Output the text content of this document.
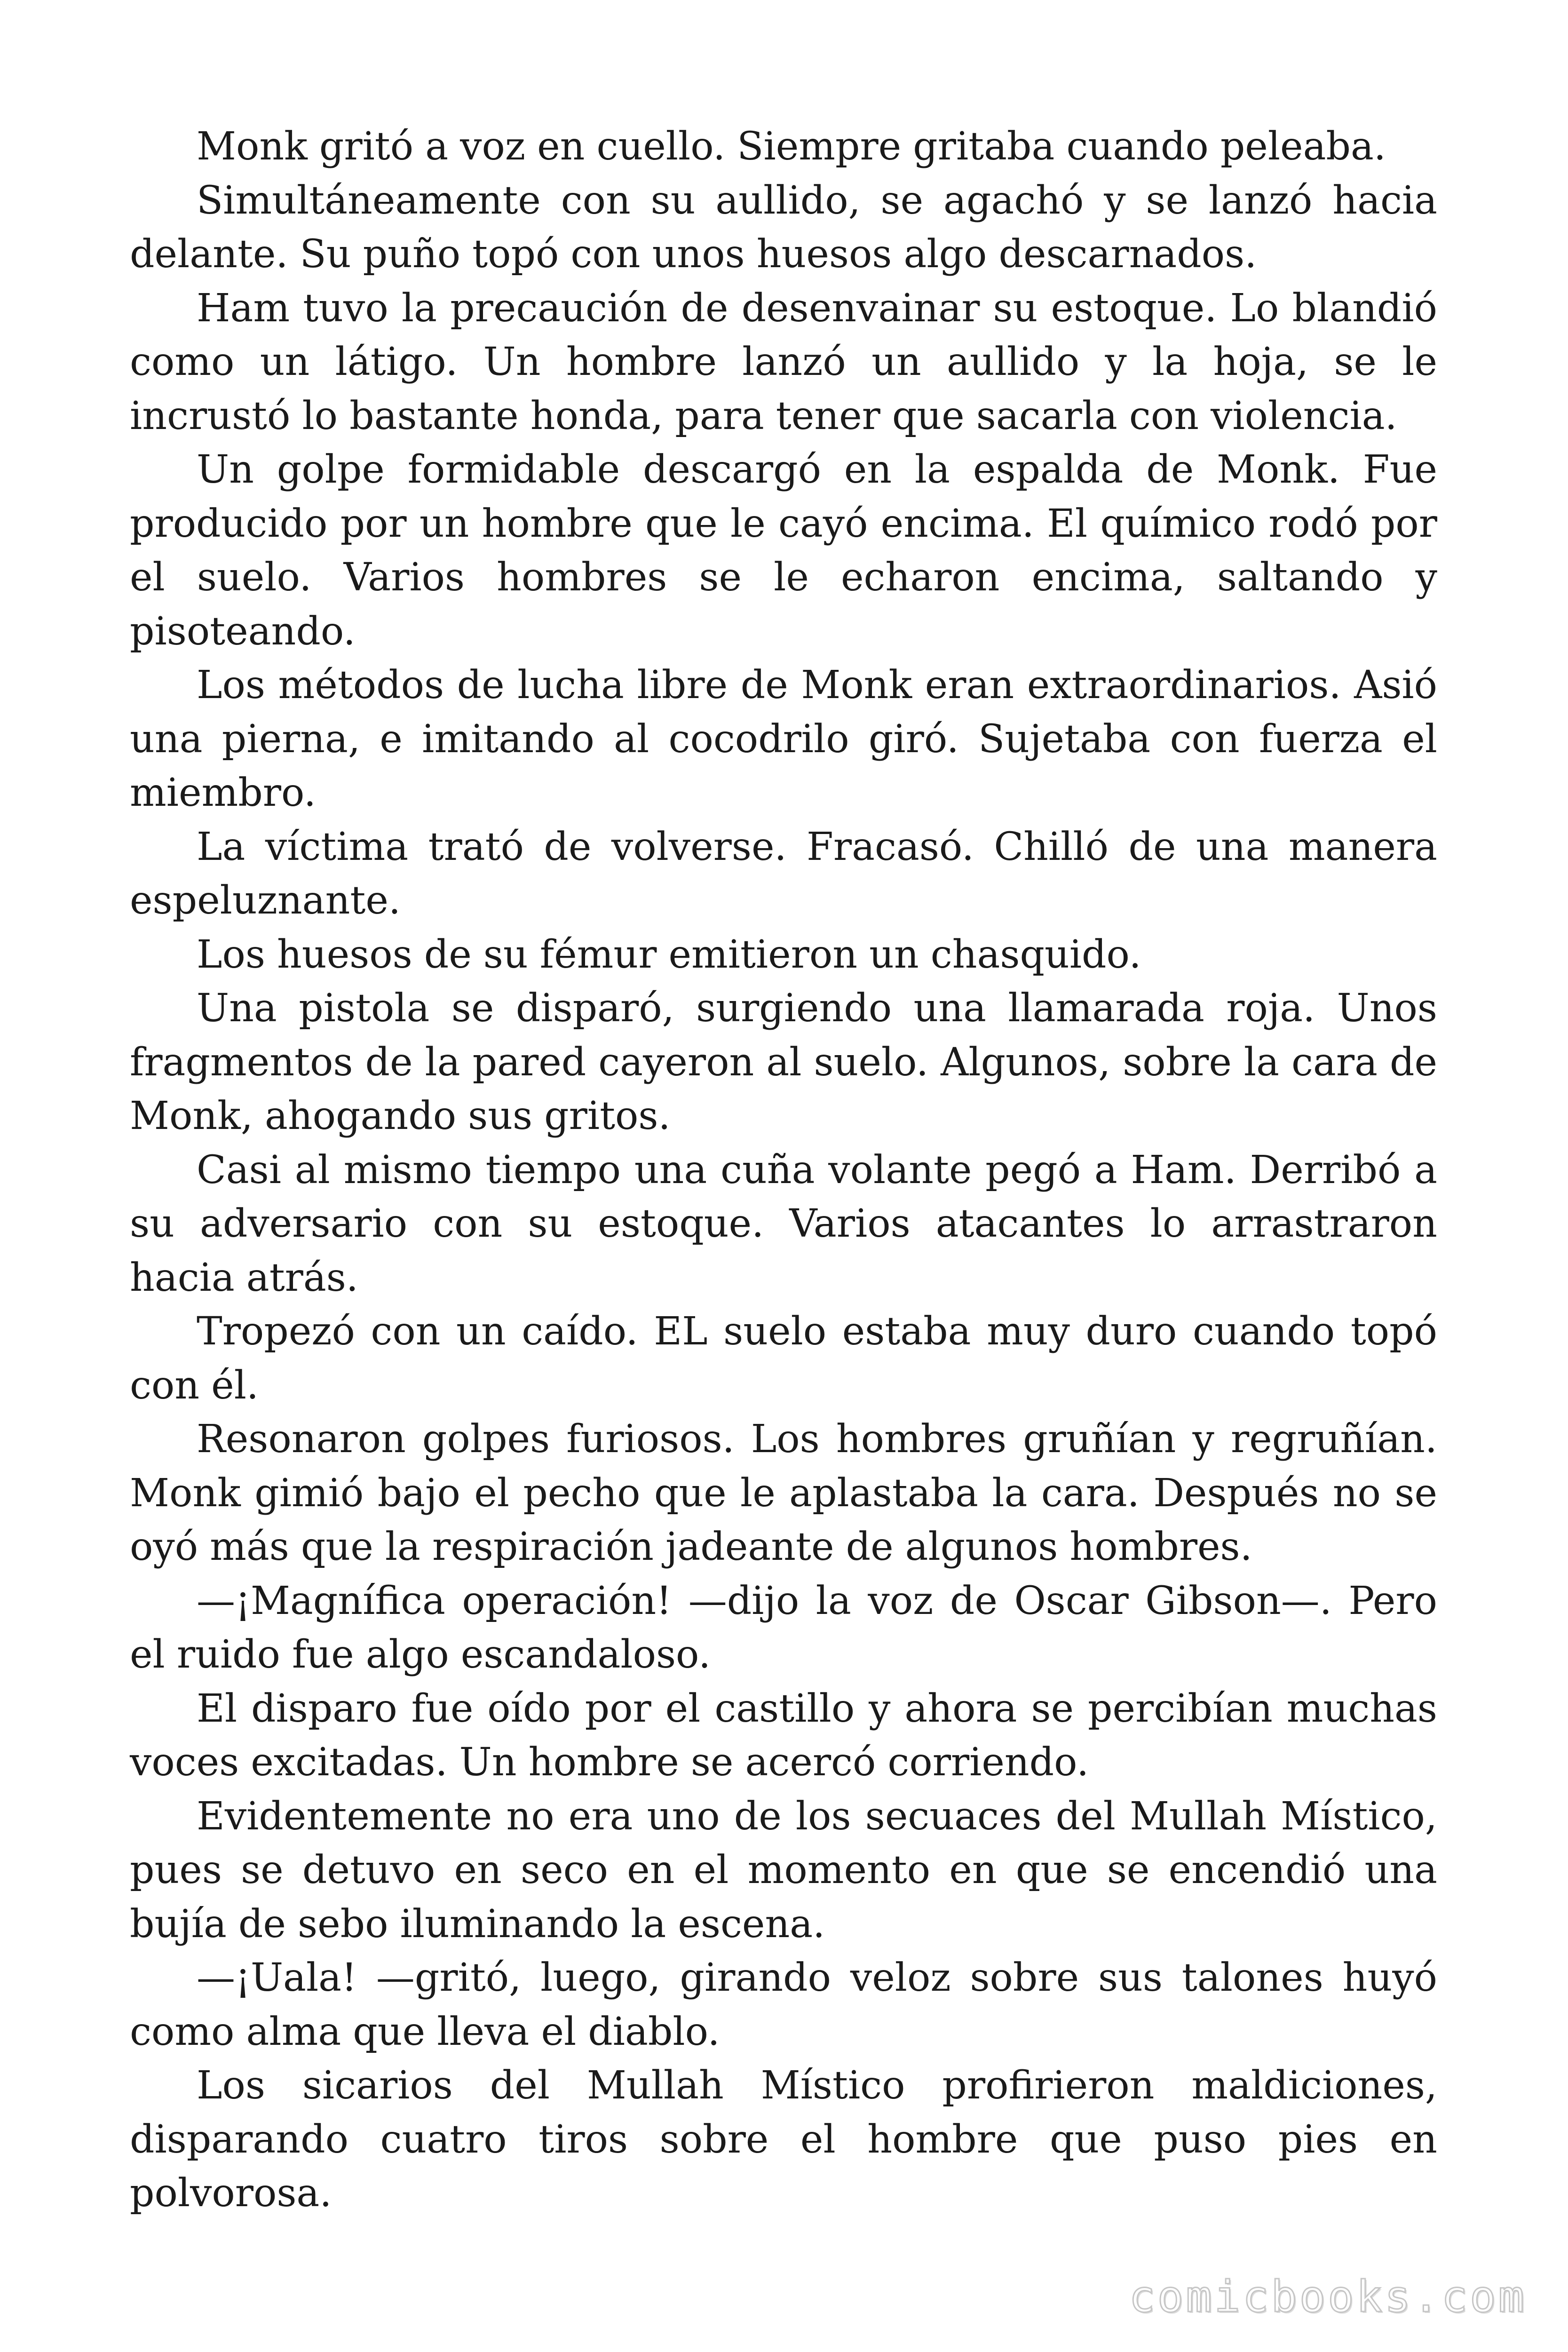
Monk gritó a voz en cuello. Siempre gritaba cuando peleaba.

Simultáneamente con su aullido, se agachó y se lanzó hacia delante. Su puño topó con unos huesos algo descarnados.

Ham tuvo la precaución de desenvainar su estoque. Lo blandió como un látigo. Un hombre lanzó un aullido y la hoja, se le incrustó lo bastante honda, para tener que sacarla con violencia.

Un golpe formidable descargó en la espalda de Monk. Fue producido por un hombre que le cayó encima. El químico rodó por el suelo. Varios hombres se le echaron encima, saltando y pisoteando.

Los métodos de lucha libre de Monk eran extraordinarios. Asió una pierna, e imitando al cocodrilo giró. Sujetaba con fuerza el miembro.

La víctima trató de volverse. Fracasó. Chilló de una manera espeluznante.

Los huesos de su fémur emitieron un chasquido.

Una pistola se disparó, surgiendo una llamarada roja. Unos fragmentos de la pared cayeron al suelo. Algunos, sobre la cara de Monk, ahogando sus gritos.

Casi al mismo tiempo una cuña volante pegó a Ham. Derribó a su adversario con su estoque. Varios atacantes lo arrastraron hacia atrás.

Tropezó con un caído. EL suelo estaba muy duro cuando topó con él.

Resonaron golpes furiosos. Los hombres gruñían y regruñían. Monk gimió bajo el pecho que le aplastaba la cara. Después no se oyó más que la respiración jadeante de algunos hombres.

—¡Magnífica operación! —dijo la voz de Oscar Gibson—. Pero el ruido fue algo escandaloso.

El disparo fue oído por el castillo y ahora se percibían muchas voces excitadas. Un hombre se acercó corriendo.

Evidentemente no era uno de los secuaces del Mullah Místico, pues se detuvo en seco en el momento en que se encendió una bujía de sebo iluminando la escena.

—¡Uala! —gritó, luego, girando veloz sobre sus talones huyó como alma que lleva el diablo.

Los sicarios del Mullah Místico profirieron maldiciones, disparando cuatro tiros sobre el hombre que puso pies en polvorosa.

comicbooks.com
